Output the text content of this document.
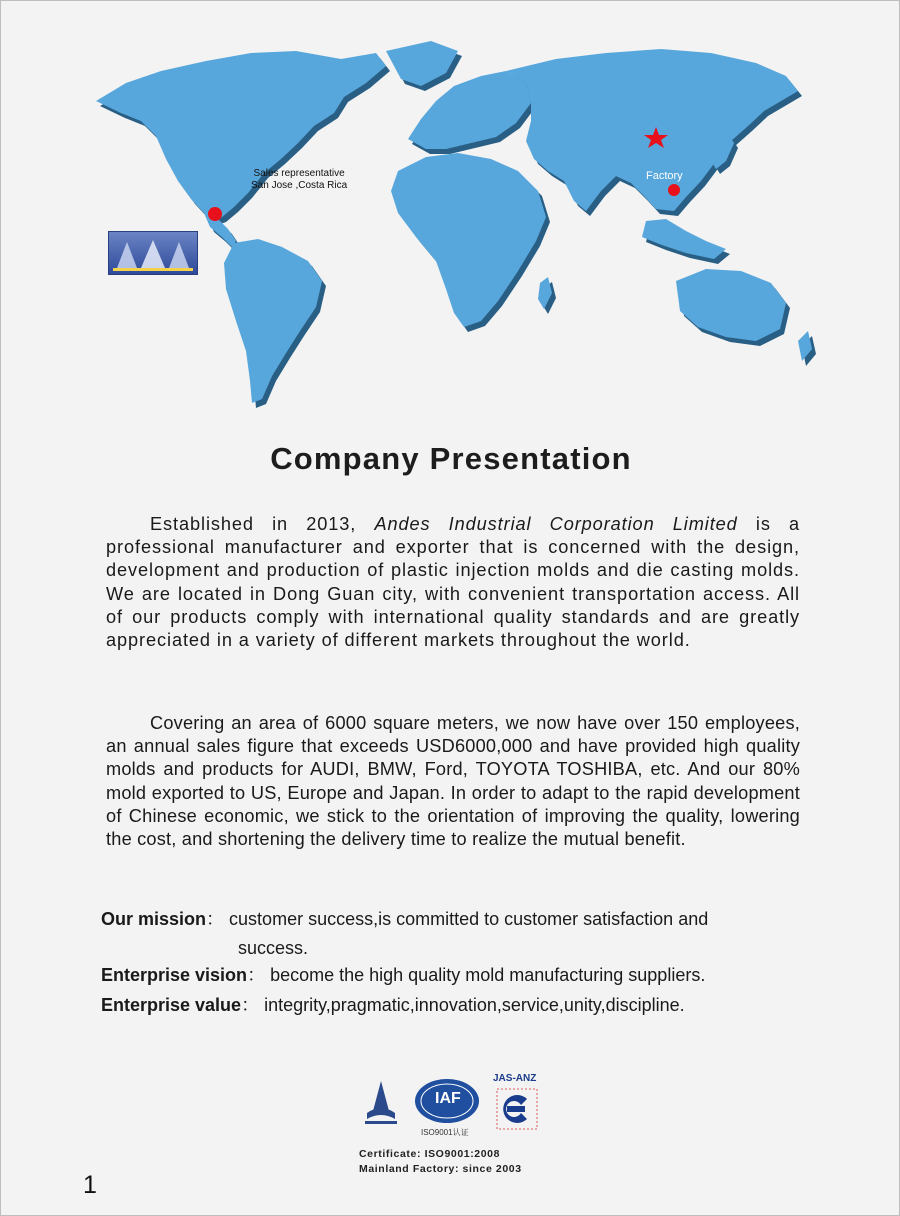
Sales representative
San Jose ,Costa Rica
Factory
Company Presentation
Established in 2013, Andes Industrial Corporation Limited is a professional manufacturer and exporter that is concerned with the design, development and production of plastic injection molds and die casting molds. We are located in Dong Guan city, with convenient transportation access. All of our products comply with international quality standards and are greatly appreciated in a variety of different markets throughout the world.
Covering an area of 6000 square meters, we now have over 150 employees, an annual sales figure that exceeds USD6000,000 and have provided high quality molds and products for AUDI, BMW, Ford, TOYOTA TOSHIBA, etc. And our 80% mold exported to US, Europe and Japan. In order to adapt to the rapid development of Chinese economic, we stick to the orientation of improving the quality, lowering the cost, and shortening the delivery time to realize the mutual benefit.
Our mission： customer success,is committed to customer satisfaction and
success.
Enterprise vision： become the high quality mold manufacturing suppliers.
Enterprise value： integrity,pragmatic,innovation,service,unity,discipline.
IAF
ISO9001认证
JAS-ANZ
Certificate: ISO9001:2008
Mainland Factory: since 2003
1
